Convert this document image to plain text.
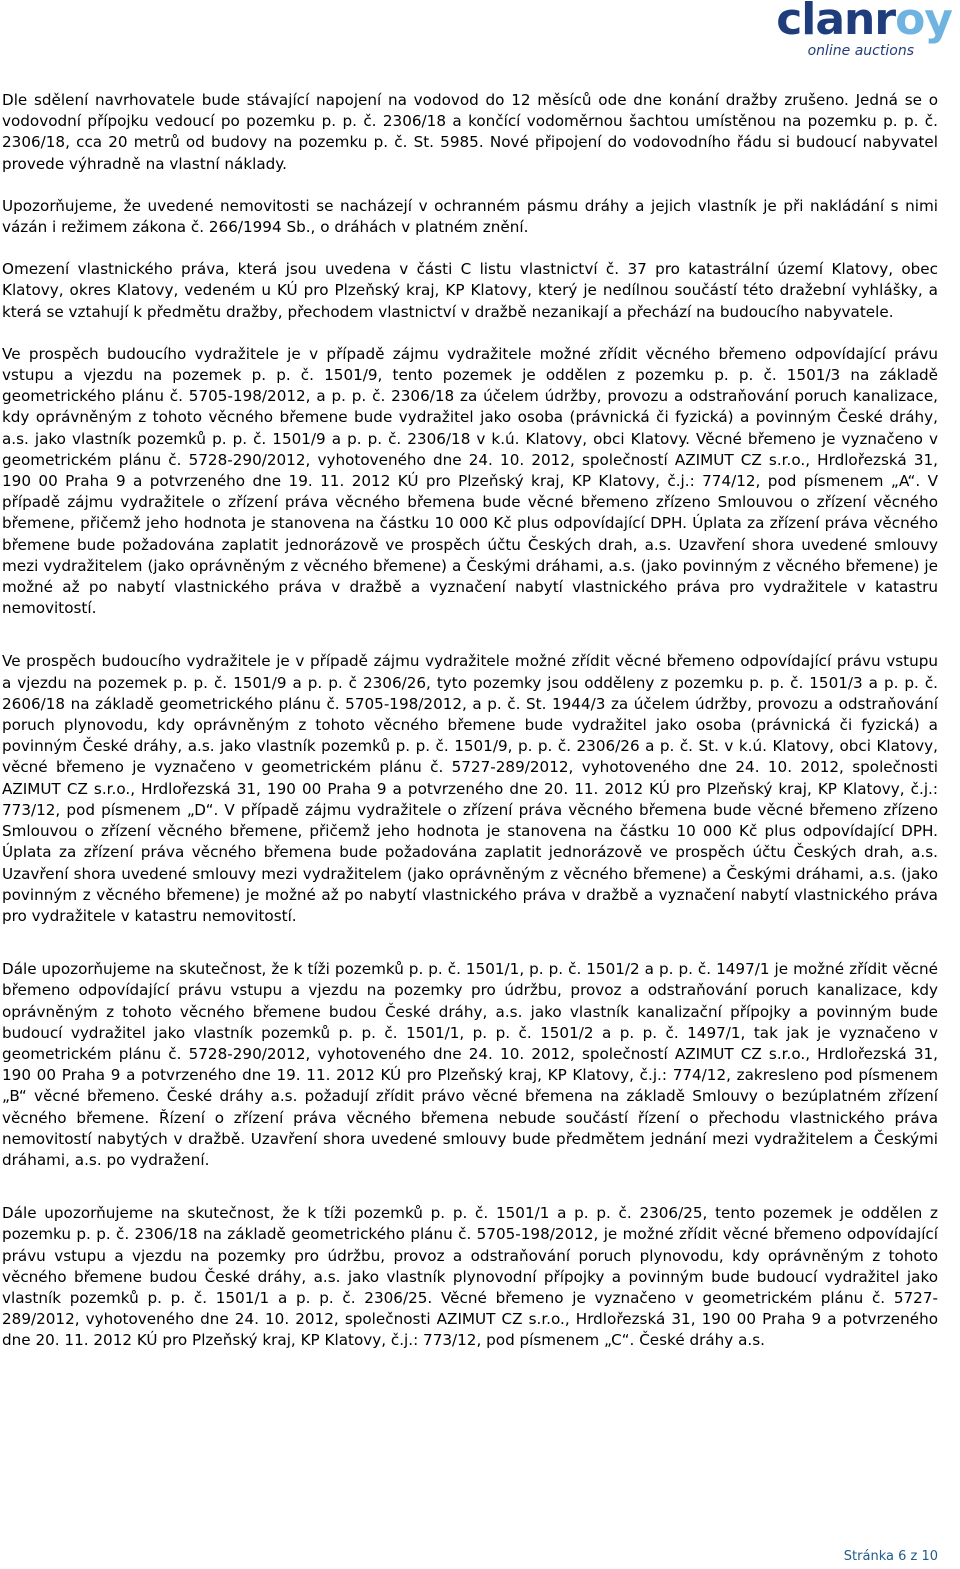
clanroy
online auctions

Dle sdělení navrhovatele bude stávající napojení na vodovod do 12 měsíců ode dne konání dražby zrušeno. Jedná se o vodovodní přípojku vedoucí po pozemku p. p. č. 2306/18 a končící vodoměrnou šachtou umístěnou na pozemku p. p. č. 2306/18, cca 20 metrů od budovy na pozemku p. č. St. 5985. Nové připojení do vodovodního řádu si budoucí nabyvatel provede výhradně na vlastní náklady.

Upozorňujeme, že uvedené nemovitosti se nacházejí v ochranném pásmu dráhy a jejich vlastník je při nakládání s nimi vázán i režimem zákona č. 266/1994 Sb., o dráhách v platném znění.

Omezení vlastnického práva, která jsou uvedena v části C listu vlastnictví č. 37 pro katastrální území Klatovy, obec Klatovy, okres Klatovy, vedeném u KÚ pro Plzeňský kraj, KP Klatovy, který je nedílnou součástí této dražební vyhlášky, a která se vztahují k předmětu dražby, přechodem vlastnictví v dražbě nezanikají a přechází na budoucího nabyvatele.

Ve prospěch budoucího vydražitele je v případě zájmu vydražitele možné zřídit věcného břemeno odpovídající právu vstupu a vjezdu na pozemek p. p. č. 1501/9, tento pozemek je oddělen z pozemku p. p. č. 1501/3 na základě geometrického plánu č. 5705-198/2012, a p. p. č. 2306/18 za účelem údržby, provozu a odstraňování poruch kanalizace, kdy oprávněným z tohoto věcného břemene bude vydražitel jako osoba (právnická či fyzická) a povinným České dráhy, a.s. jako vlastník pozemků p. p. č. 1501/9 a p. p. č. 2306/18 v k.ú. Klatovy, obci Klatovy. Věcné břemeno je vyznačeno v geometrickém plánu č. 5728-290/2012, vyhotoveného dne 24. 10. 2012, společností AZIMUT CZ s.r.o., Hrdlořezská 31, 190 00 Praha 9 a potvrzeného dne 19. 11. 2012 KÚ pro Plzeňský kraj, KP Klatovy, č.j.: 774/12, pod písmenem „A“. V případě zájmu vydražitele o zřízení práva věcného břemena bude věcné břemeno zřízeno Smlouvou o zřízení věcného břemene, přičemž jeho hodnota je stanovena na částku 10 000 Kč plus odpovídající DPH. Úplata za zřízení práva věcného břemene bude požadována zaplatit jednorázově ve prospěch účtu Českých drah, a.s. Uzavření shora uvedené smlouvy mezi vydražitelem (jako oprávněným z věcného břemene) a Českými dráhami, a.s. (jako povinným z věcného břemene) je možné až po nabytí vlastnického práva v dražbě a vyznačení nabytí vlastnického práva pro vydražitele v katastru nemovitostí.

Ve prospěch budoucího vydražitele je v případě zájmu vydražitele možné zřídit věcné břemeno odpovídající právu vstupu a vjezdu na pozemek p. p. č. 1501/9 a p. p. č 2306/26, tyto pozemky jsou odděleny z pozemku p. p. č. 1501/3 a p. p. č. 2606/18 na základě geometrického plánu č. 5705-198/2012, a p. č. St. 1944/3 za účelem údržby, provozu a odstraňování poruch plynovodu, kdy oprávněným z tohoto věcného břemene bude vydražitel jako osoba (právnická či fyzická) a povinným České dráhy, a.s. jako vlastník pozemků p. p. č. 1501/9, p. p. č. 2306/26 a p. č. St. v k.ú. Klatovy, obci Klatovy, věcné břemeno je vyznačeno v geometrickém plánu č. 5727-289/2012, vyhotoveného dne 24. 10. 2012, společnosti AZIMUT CZ s.r.o., Hrdlořezská 31, 190 00 Praha 9 a potvrzeného dne 20. 11. 2012 KÚ pro Plzeňský kraj, KP Klatovy, č.j.: 773/12, pod písmenem „D“. V případě zájmu vydražitele o zřízení práva věcného břemena bude věcné břemeno zřízeno Smlouvou o zřízení věcného břemene, přičemž jeho hodnota je stanovena na částku 10 000 Kč plus odpovídající DPH. Úplata za zřízení práva věcného břemena bude požadována zaplatit jednorázově ve prospěch účtu Českých drah, a.s. Uzavření shora uvedené smlouvy mezi vydražitelem (jako oprávněným z věcného břemene) a Českými dráhami, a.s. (jako povinným z věcného břemene) je možné až po nabytí vlastnického práva v dražbě a vyznačení nabytí vlastnického práva pro vydražitele v katastru nemovitostí.

Dále upozorňujeme na skutečnost, že k tíži pozemků p. p. č. 1501/1, p. p. č. 1501/2 a p. p. č. 1497/1 je možné zřídit věcné břemeno odpovídající právu vstupu a vjezdu na pozemky pro údržbu, provoz a odstraňování poruch kanalizace, kdy oprávněným z tohoto věcného břemene budou České dráhy, a.s. jako vlastník kanalizační přípojky a povinným bude budoucí vydražitel jako vlastník pozemků p. p. č. 1501/1, p. p. č. 1501/2 a p. p. č. 1497/1, tak jak je vyznačeno v geometrickém plánu č. 5728-290/2012, vyhotoveného dne 24. 10. 2012, společností AZIMUT CZ s.r.o., Hrdlořezská 31, 190 00 Praha 9 a potvrzeného dne 19. 11. 2012 KÚ pro Plzeňský kraj, KP Klatovy, č.j.: 774/12, zakresleno pod písmenem „B“ věcné břemeno. České dráhy a.s. požadují zřídit právo věcné břemena na základě Smlouvy o bezúplatném zřízení věcného břemene. Řízení o zřízení práva věcného břemena nebude součástí řízení o přechodu vlastnického práva nemovitostí nabytých v dražbě. Uzavření shora uvedené smlouvy bude předmětem jednání mezi vydražitelem a Českými dráhami, a.s. po vydražení.

Dále upozorňujeme na skutečnost, že k tíži pozemků p. p. č. 1501/1 a p. p. č. 2306/25, tento pozemek je oddělen z pozemku p. p. č. 2306/18 na základě geometrického plánu č. 5705-198/2012, je možné zřídit věcné břemeno odpovídající právu vstupu a vjezdu na pozemky pro údržbu, provoz a odstraňování poruch plynovodu, kdy oprávněným z tohoto věcného břemene budou České dráhy, a.s. jako vlastník plynovodní přípojky a povinným bude budoucí vydražitel jako vlastník pozemků p. p. č. 1501/1 a p. p. č. 2306/25. Věcné břemeno je vyznačeno v geometrickém plánu č. 5727-289/2012, vyhotoveného dne 24. 10. 2012, společnosti AZIMUT CZ s.r.o., Hrdlořezská 31, 190 00 Praha 9 a potvrzeného dne 20. 11. 2012 KÚ pro Plzeňský kraj, KP Klatovy, č.j.: 773/12, pod písmenem „C“. České dráhy a.s.

Stránka 6 z 10
